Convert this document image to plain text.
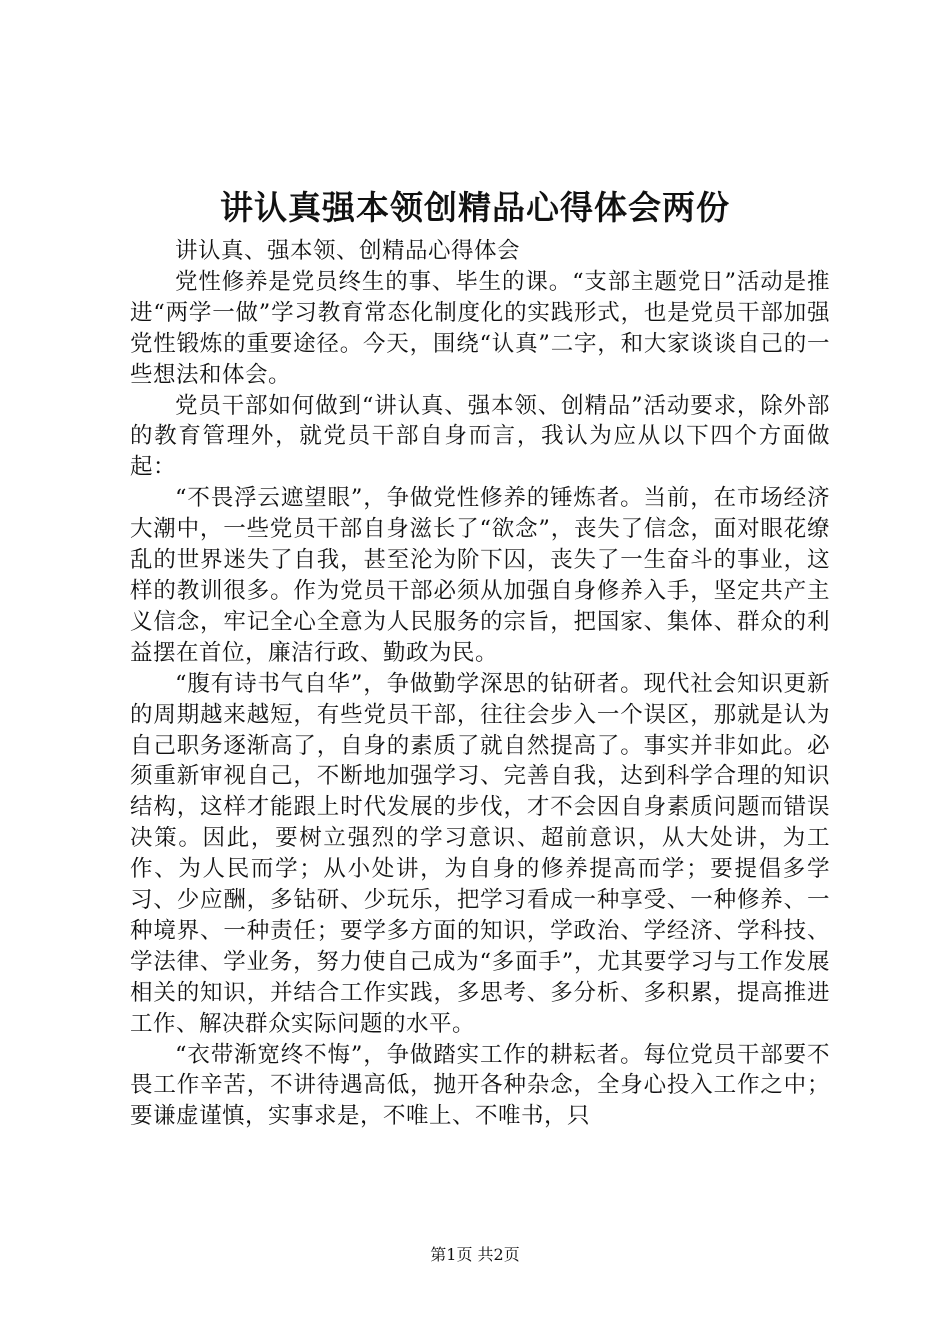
讲认真强本领创精品心得体会两份

讲认真、强本领、创精品心得体会

党性修养是党员终生的事、毕生的课。“支部主题党日”活动是推进“两学一做”学习教育常态化制度化的实践形式，也是党员干部加强党性锻炼的重要途径。今天，围绕“认真”二字，和大家谈谈自己的一些想法和体会。

党员干部如何做到“讲认真、强本领、创精品”活动要求，除外部的教育管理外，就党员干部自身而言，我认为应从以下四个方面做起：

“不畏浮云遮望眼”，争做党性修养的锤炼者。当前，在市场经济大潮中，一些党员干部自身滋长了“欲念”，丧失了信念，面对眼花缭乱的世界迷失了自我，甚至沦为阶下囚，丧失了一生奋斗的事业，这样的教训很多。作为党员干部必须从加强自身修养入手，坚定共产主义信念，牢记全心全意为人民服务的宗旨，把国家、集体、群众的利益摆在首位，廉洁行政、勤政为民。

“腹有诗书气自华”，争做勤学深思的钻研者。现代社会知识更新的周期越来越短，有些党员干部，往往会步入一个误区，那就是认为自己职务逐渐高了，自身的素质了就自然提高了。事实并非如此。必须重新审视自己，不断地加强学习、完善自我，达到科学合理的知识结构，这样才能跟上时代发展的步伐，才不会因自身素质问题而错误决策。因此，要树立强烈的学习意识、超前意识，从大处讲，为工作、为人民而学；从小处讲，为自身的修养提高而学；要提倡多学习、少应酬，多钻研、少玩乐，把学习看成一种享受、一种修养、一种境界、一种责任；要学多方面的知识，学政治、学经济、学科技、学法律、学业务，努力使自己成为“多面手”，尤其要学习与工作发展相关的知识，并结合工作实践，多思考、多分析、多积累，提高推进工作、解决群众实际问题的水平。

“衣带渐宽终不悔”，争做踏实工作的耕耘者。每位党员干部要不畏工作辛苦，不讲待遇高低，抛开各种杂念，全身心投入工作之中；要谦虚谨慎，实事求是，不唯上、不唯书，只

第1页 共2页
